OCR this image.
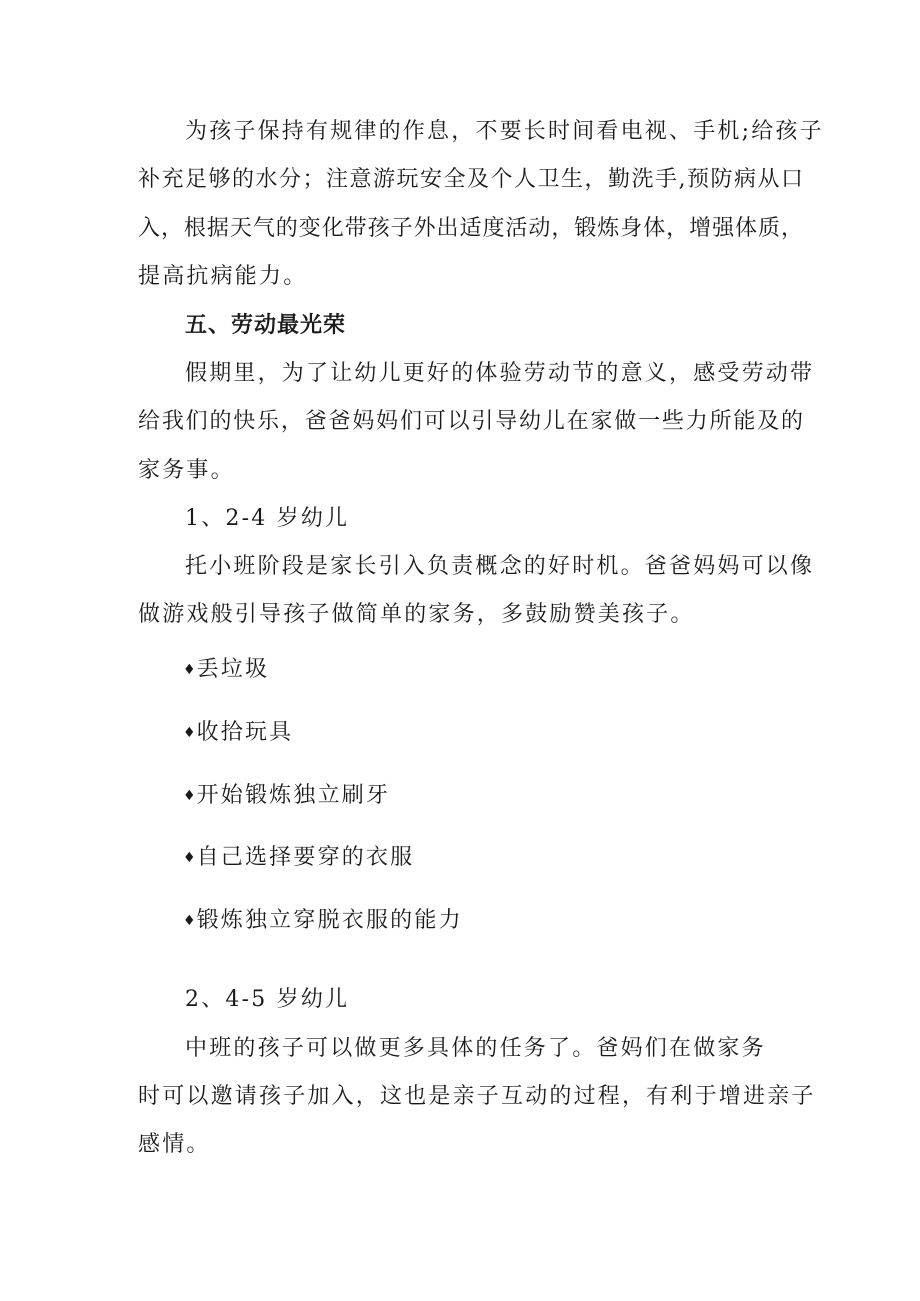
为孩子保持有规律的作息，不要长时间看电视、手机;给孩子
补充足够的水分；注意游玩安全及个人卫生，勤洗手,预防病从口
入，根据天气的变化带孩子外出适度活动，锻炼身体，增强体质，
提高抗病能力。
五、劳动最光荣
假期里，为了让幼儿更好的体验劳动节的意义，感受劳动带
给我们的快乐，爸爸妈妈们可以引导幼儿在家做一些力所能及的
家务事。
1、2-4 岁幼儿
托小班阶段是家长引入负责概念的好时机。爸爸妈妈可以像
做游戏般引导孩子做简单的家务，多鼓励赞美孩子。
♦丢垃圾
♦收拾玩具
♦开始锻炼独立刷牙
♦自己选择要穿的衣服
♦锻炼独立穿脱衣服的能力
2、4-5 岁幼儿
中班的孩子可以做更多具体的任务了。爸妈们在做家务
时可以邀请孩子加入，这也是亲子互动的过程，有利于增进亲子
感情。
